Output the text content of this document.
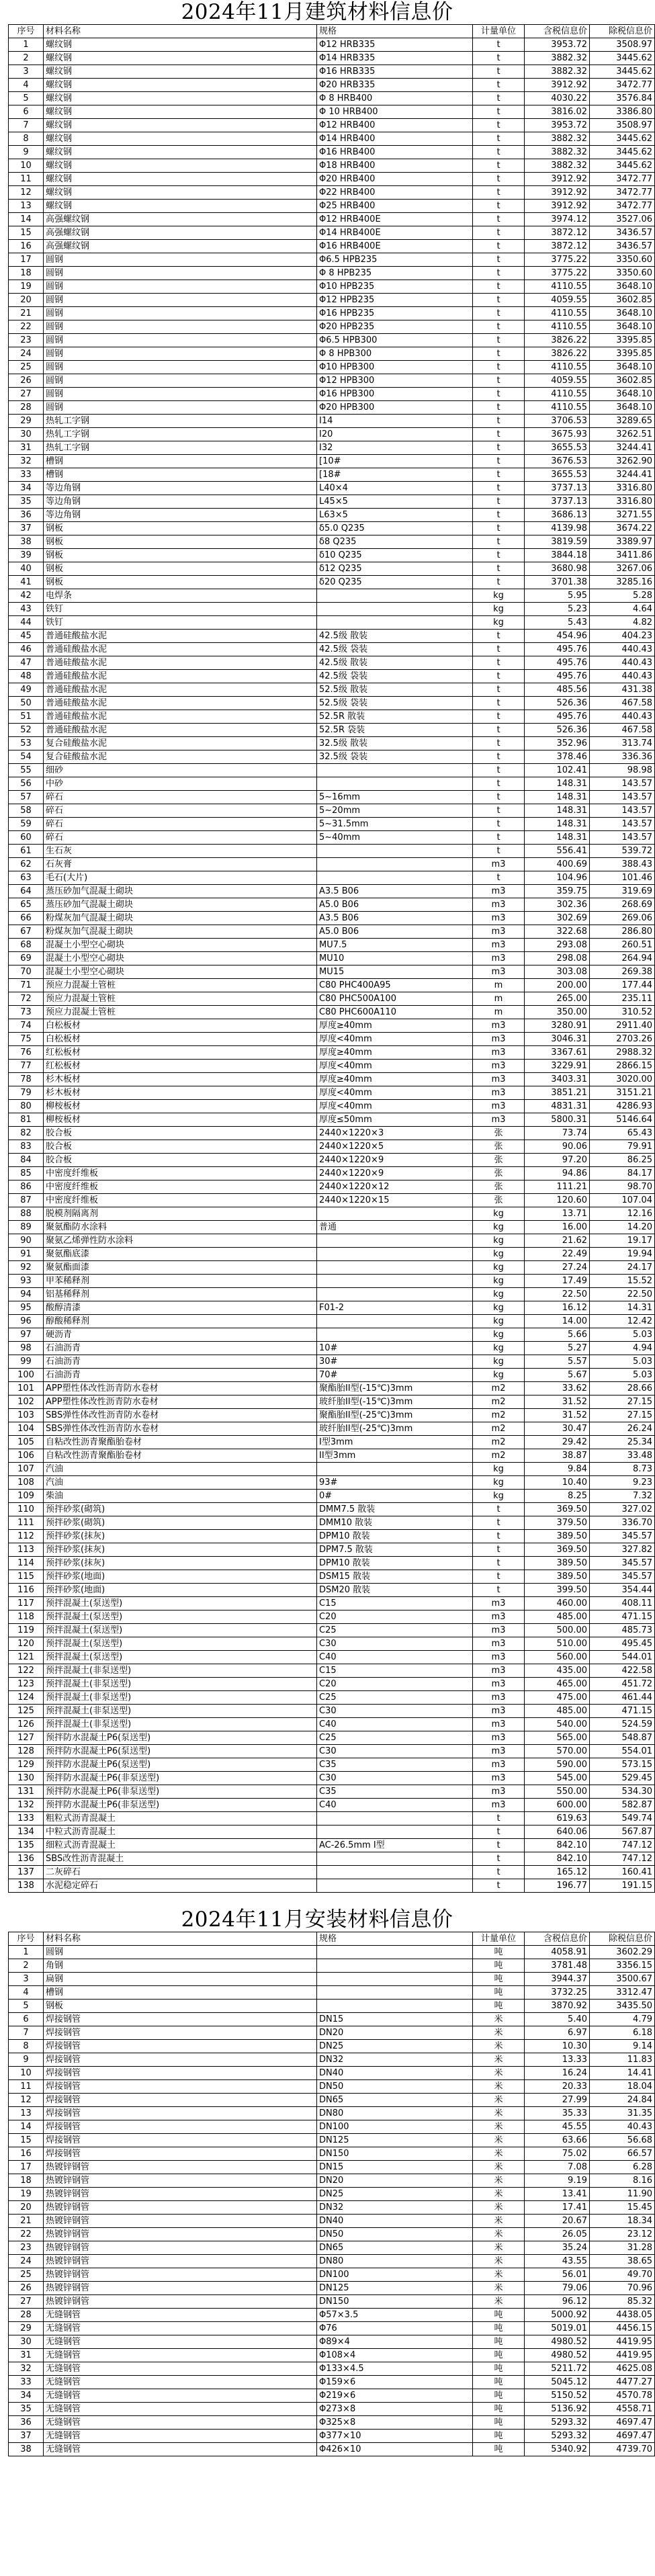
2024年11月建筑材料信息价
序号	材料名称	规格	计量单位	含税信息价	除税信息价
1	螺纹钢	Φ12 HRB335	t	3953.72	3508.97
2	螺纹钢	Φ14 HRB335	t	3882.32	3445.62
3	螺纹钢	Φ16 HRB335	t	3882.32	3445.62
4	螺纹钢	Φ20 HRB335	t	3912.92	3472.77
5	螺纹钢	Φ 8 HRB400	t	4030.22	3576.84
6	螺纹钢	Φ 10 HRB400	t	3816.02	3386.80
7	螺纹钢	Φ12 HRB400	t	3953.72	3508.97
8	螺纹钢	Φ14 HRB400	t	3882.32	3445.62
9	螺纹钢	Φ16 HRB400	t	3882.32	3445.62
10	螺纹钢	Φ18 HRB400	t	3882.32	3445.62
11	螺纹钢	Φ20 HRB400	t	3912.92	3472.77
12	螺纹钢	Φ22 HRB400	t	3912.92	3472.77
13	螺纹钢	Φ25 HRB400	t	3912.92	3472.77
14	高强螺纹钢	Φ12 HRB400E	t	3974.12	3527.06
15	高强螺纹钢	Φ14 HRB400E	t	3872.12	3436.57
16	高强螺纹钢	Φ16 HRB400E	t	3872.12	3436.57
17	圆钢	Φ6.5 HPB235	t	3775.22	3350.60
18	圆钢	Φ 8 HPB235	t	3775.22	3350.60
19	圆钢	Φ10 HPB235	t	4110.55	3648.10
20	圆钢	Φ12 HPB235	t	4059.55	3602.85
21	圆钢	Φ16 HPB235	t	4110.55	3648.10
22	圆钢	Φ20 HPB235	t	4110.55	3648.10
23	圆钢	Φ6.5 HPB300	t	3826.22	3395.85
24	圆钢	Φ 8 HPB300	t	3826.22	3395.85
25	圆钢	Φ10 HPB300	t	4110.55	3648.10
26	圆钢	Φ12 HPB300	t	4059.55	3602.85
27	圆钢	Φ16 HPB300	t	4110.55	3648.10
28	圆钢	Φ20 HPB300	t	4110.55	3648.10
29	热轧工字钢	I14	t	3706.53	3289.65
30	热轧工字钢	I20	t	3675.93	3262.51
31	热轧工字钢	I32	t	3655.53	3244.41
32	槽钢	[10#	t	3676.53	3262.90
33	槽钢	[18#	t	3655.53	3244.41
34	等边角钢	L40×4	t	3737.13	3316.80
35	等边角钢	L45×5	t	3737.13	3316.80
36	等边角钢	L63×5	t	3686.13	3271.55
37	钢板	δ5.0 Q235	t	4139.98	3674.22
38	钢板	δ8 Q235	t	3819.59	3389.97
39	钢板	δ10 Q235	t	3844.18	3411.86
40	钢板	δ12 Q235	t	3680.98	3267.06
41	钢板	δ20 Q235	t	3701.38	3285.16
42	电焊条		kg	5.95	5.28
43	铁钉		kg	5.23	4.64
44	铁钉		kg	5.43	4.82
45	普通硅酸盐水泥	42.5级 散装	t	454.96	404.23
46	普通硅酸盐水泥	42.5级 袋装	t	495.76	440.43
47	普通硅酸盐水泥	42.5级 散装	t	495.76	440.43
48	普通硅酸盐水泥	42.5级 袋装	t	495.76	440.43
49	普通硅酸盐水泥	52.5级 散装	t	485.56	431.38
50	普通硅酸盐水泥	52.5级 袋装	t	526.36	467.58
51	普通硅酸盐水泥	52.5R 散装	t	495.76	440.43
52	普通硅酸盐水泥	52.5R 袋装	t	526.36	467.58
53	复合硅酸盐水泥	32.5级 散装	t	352.96	313.74
54	复合硅酸盐水泥	32.5级 袋装	t	378.46	336.36
55	细砂		t	102.41	98.98
56	中砂		t	148.31	143.57
57	碎石	5~16mm	t	148.31	143.57
58	碎石	5~20mm	t	148.31	143.57
59	碎石	5~31.5mm	t	148.31	143.57
60	碎石	5~40mm	t	148.31	143.57
61	生石灰		t	556.41	539.72
62	石灰膏		m3	400.69	388.43
63	毛石(大片)		t	104.96	101.46
64	蒸压砂加气混凝土砌块	A3.5 B06	m3	359.75	319.69
65	蒸压砂加气混凝土砌块	A5.0 B06	m3	302.36	268.69
66	粉煤灰加气混凝土砌块	A3.5 B06	m3	302.69	269.06
67	粉煤灰加气混凝土砌块	A5.0 B06	m3	322.68	286.80
68	混凝土小型空心砌块	MU7.5	m3	293.08	260.51
69	混凝土小型空心砌块	MU10	m3	298.08	264.94
70	混凝土小型空心砌块	MU15	m3	303.08	269.38
71	预应力混凝土管桩	C80 PHC400A95	m	200.00	177.44
72	预应力混凝土管桩	C80 PHC500A100	m	265.00	235.11
73	预应力混凝土管桩	C80 PHC600A110	m	350.00	310.52
74	白松板材	厚度≥40mm	m3	3280.91	2911.40
75	白松板材	厚度<40mm	m3	3046.31	2703.26
76	红松板材	厚度≥40mm	m3	3367.61	2988.32
77	红松板材	厚度<40mm	m3	3229.91	2866.15
78	杉木板材	厚度≥40mm	m3	3403.31	3020.00
79	杉木板材	厚度<40mm	m3	3851.21	3151.21
80	柳桉板材	厚度<40mm	m3	4831.31	4286.93
81	柳桉板材	厚度≤50mm	m3	5800.31	5146.64
82	胶合板	2440×1220×3	张	73.74	65.43
83	胶合板	2440×1220×5	张	90.06	79.91
84	胶合板	2440×1220×9	张	97.20	86.25
85	中密度纤维板	2440×1220×9	张	94.86	84.17
86	中密度纤维板	2440×1220×12	张	111.21	98.70
87	中密度纤维板	2440×1220×15	张	120.60	107.04
88	脱模剂隔离剂		kg	13.71	12.16
89	聚氨酯防水涂料	普通	kg	16.00	14.20
90	聚氨乙烯弹性防水涂料		kg	21.62	19.17
91	聚氨酯底漆		kg	22.49	19.94
92	聚氨酯面漆		kg	27.24	24.17
93	甲苯稀释剂		kg	17.49	15.52
94	铝基稀释剂		kg	22.50	22.50
95	酸醇清漆	F01-2	kg	16.12	14.31
96	醇酸稀释剂		kg	14.00	12.42
97	硬沥青		kg	5.66	5.03
98	石油沥青	10#	kg	5.27	4.94
99	石油沥青	30#	kg	5.57	5.03
100	石油沥青	70#	kg	5.67	5.03
101	APP塑性体改性沥青防水卷材	聚酯胎II型(-15℃)3mm	m2	33.62	28.66
102	APP塑性体改性沥青防水卷材	玻纤胎II型(-15℃)3mm	m2	31.52	27.15
103	SBS弹性体改性沥青防水卷材	聚酯胎II型(-25℃)3mm	m2	31.52	27.15
104	SBS弹性体改性沥青防水卷材	玻纤胎II型(-25℃)3mm	m2	30.47	26.24
105	自粘改性沥青聚酯胎卷材	I型3mm	m2	29.42	25.34
106	自粘改性沥青聚酯胎卷材	II型3mm	m2	38.87	33.48
107	汽油		kg	9.84	8.73
108	汽油	93#	kg	10.40	9.23
109	柴油	0#	kg	8.25	7.32
110	预拌砂浆(砌筑)	DMM7.5 散装	t	369.50	327.02
111	预拌砂浆(砌筑)	DMM10 散装	t	379.50	336.70
112	预拌砂浆(抹灰)	DPM10 散装	t	389.50	345.57
113	预拌砂浆(抹灰)	DPM7.5 散装	t	369.50	327.82
114	预拌砂浆(抹灰)	DPM10 散装	t	389.50	345.57
115	预拌砂浆(地面)	DSM15 散装	t	389.50	345.57
116	预拌砂浆(地面)	DSM20 散装	t	399.50	354.44
117	预拌混凝土(泵送型)	C15	m3	460.00	408.11
118	预拌混凝土(泵送型)	C20	m3	485.00	471.15
119	预拌混凝土(泵送型)	C25	m3	500.00	485.73
120	预拌混凝土(泵送型)	C30	m3	510.00	495.45
121	预拌混凝土(泵送型)	C40	m3	560.00	544.01
122	预拌混凝土(非泵送型)	C15	m3	435.00	422.58
123	预拌混凝土(非泵送型)	C20	m3	465.00	451.72
124	预拌混凝土(非泵送型)	C25	m3	475.00	461.44
125	预拌混凝土(非泵送型)	C30	m3	485.00	471.15
126	预拌混凝土(非泵送型)	C40	m3	540.00	524.59
127	预拌防水混凝土P6(泵送型)	C25	m3	565.00	548.87
128	预拌防水混凝土P6(泵送型)	C30	m3	570.00	554.01
129	预拌防水混凝土P6(泵送型)	C35	m3	590.00	573.15
130	预拌防水混凝土P6(非泵送型)	C30	m3	545.00	529.45
131	预拌防水混凝土P6(非泵送型)	C35	m3	550.00	534.30
132	预拌防水混凝土P6(非泵送型)	C40	m3	600.00	582.87
133	粗粒式沥青混凝土		t	619.63	549.74
134	中粒式沥青混凝土		t	640.06	567.87
135	细粒式沥青混凝土	AC-26.5mm I型	t	842.10	747.12
136	SBS改性沥青混凝土		t	842.10	747.12
137	二灰碎石		t	165.12	160.41
138	水泥稳定碎石		t	196.77	191.15
2024年11月安装材料信息价
序号	材料名称	规格	计量单位	含税信息价	除税信息价
1	圆钢		吨	4058.91	3602.29
2	角钢		吨	3781.48	3356.15
3	扁钢		吨	3944.37	3500.67
4	槽钢		吨	3732.25	3312.47
5	钢板		吨	3870.92	3435.50
6	焊接钢管	DN15	米	5.40	4.79
7	焊接钢管	DN20	米	6.97	6.18
8	焊接钢管	DN25	米	10.30	9.14
9	焊接钢管	DN32	米	13.33	11.83
10	焊接钢管	DN40	米	16.24	14.41
11	焊接钢管	DN50	米	20.33	18.04
12	焊接钢管	DN65	米	27.99	24.84
13	焊接钢管	DN80	米	35.33	31.35
14	焊接钢管	DN100	米	45.55	40.43
15	焊接钢管	DN125	米	63.66	56.68
16	焊接钢管	DN150	米	75.02	66.57
17	热镀锌钢管	DN15	米	7.08	6.28
18	热镀锌钢管	DN20	米	9.19	8.16
19	热镀锌钢管	DN25	米	13.41	11.90
20	热镀锌钢管	DN32	米	17.41	15.45
21	热镀锌钢管	DN40	米	20.67	18.34
22	热镀锌钢管	DN50	米	26.05	23.12
23	热镀锌钢管	DN65	米	35.24	31.28
24	热镀锌钢管	DN80	米	43.55	38.65
25	热镀锌钢管	DN100	米	56.01	49.70
26	热镀锌钢管	DN125	米	79.06	70.96
27	热镀锌钢管	DN150	米	96.12	85.32
28	无缝钢管	Φ57×3.5	吨	5000.92	4438.05
29	无缝钢管	Φ76	吨	5019.01	4456.15
30	无缝钢管	Φ89×4	吨	4980.52	4419.95
31	无缝钢管	Φ108×4	吨	4980.52	4419.95
32	无缝钢管	Φ133×4.5	吨	5211.72	4625.08
33	无缝钢管	Φ159×6	吨	5045.12	4477.27
34	无缝钢管	Φ219×6	吨	5150.52	4570.78
35	无缝钢管	Φ273×8	吨	5136.92	4558.71
36	无缝钢管	Φ325×8	吨	5293.32	4697.47
37	无缝钢管	Φ377×10	吨	5293.32	4697.47
38	无缝钢管	Φ426×10	吨	5340.92	4739.70
